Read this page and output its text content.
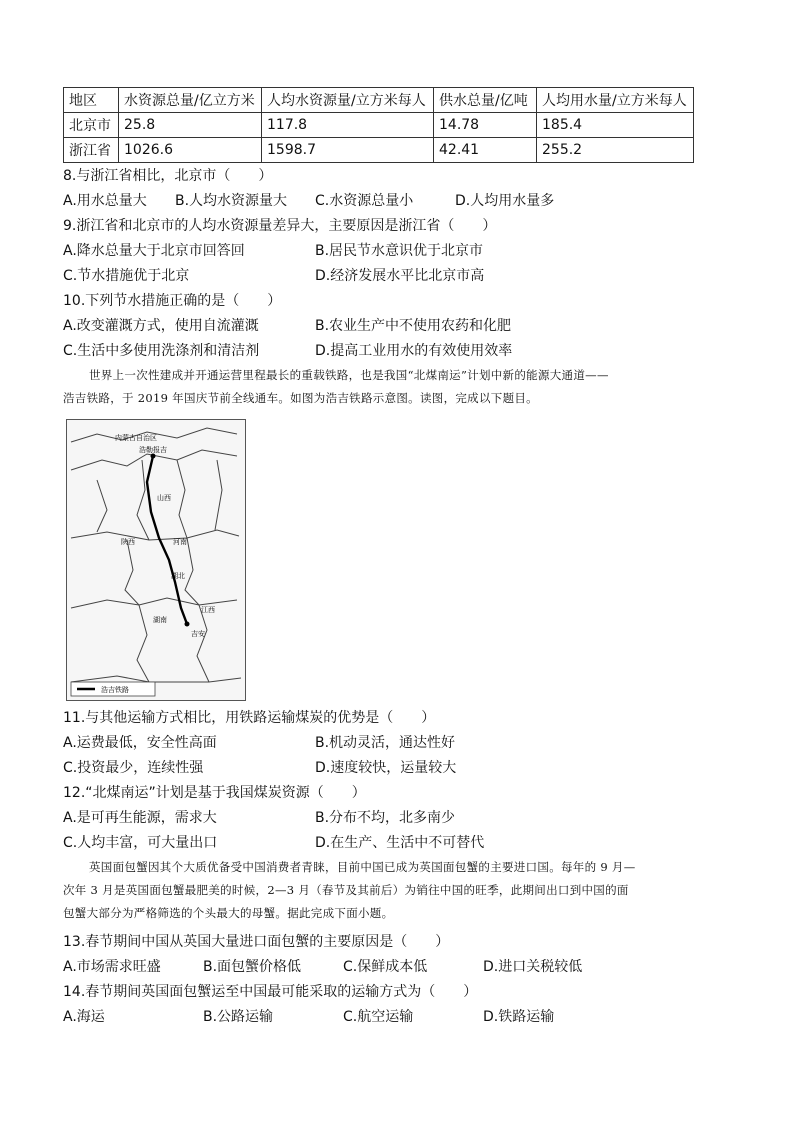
地区	水资源总量/亿立方米	人均水资源量/立方米每人	供水总量/亿吨	人均用水量/立方米每人
北京市	25.8	117.8	14.78	185.4
浙江省	1026.6	1598.7	42.41	255.2
8.与浙江省相比，北京市（　　）
A.用水总量大 B.人均水资源量大 C.水资源总量小	D.人均用水量多
9.浙江省和北京市的人均水资源量差异大，主要原因是浙江省（　　）
A.降水总量大于北京市回答回	B.居民节水意识优于北京市
C.节水措施优于北京	D.经济发展水平比北京市高
10.下列节水措施正确的是（　　）
A.改变灌溉方式，使用自流灌溉	B.农业生产中不使用农药和化肥
C.生活中多使用洗涤剂和清洁剂	D.提高工业用水的有效使用效率
世界上一次性建成并开通运营里程最长的重载铁路，也是我国“北煤南运”计划中新的能源大通道——
浩吉铁路，于 2019 年国庆节前全线通车。如图为浩吉铁路示意图。读图，完成以下题目。
内蒙古自治区
浩勒报吉
山西
陕西	河南
湖北
湖南
江西
吉安
浩吉铁路
11.与其他运输方式相比，用铁路运输煤炭的优势是（　　）
A.运费最低，安全性高面	B.机动灵活，通达性好
C.投资最少，连续性强	D.速度较快，运量较大
12.“北煤南运”计划是基于我国煤炭资源（　　）
A.是可再生能源，需求大	B.分布不均，北多南少
C.人均丰富，可大量出口	D.在生产、生活中不可替代
英国面包蟹因其个大质优备受中国消费者青睐，目前中国已成为英国面包蟹的主要进口国。每年的 9 月—
次年 3 月是英国面包蟹最肥美的时候，2—3 月（春节及其前后）为销往中国的旺季，此期间出口到中国的面
包蟹大部分为严格筛选的个头最大的母蟹。据此完成下面小题。
13.春节期间中国从英国大量进口面包蟹的主要原因是（　　）
A.市场需求旺盛	B.面包蟹价格低	C.保鲜成本低	D.进口关税较低
14.春节期间英国面包蟹运至中国最可能采取的运输方式为（　　）
A.海运	B.公路运输	C.航空运输	D.铁路运输
